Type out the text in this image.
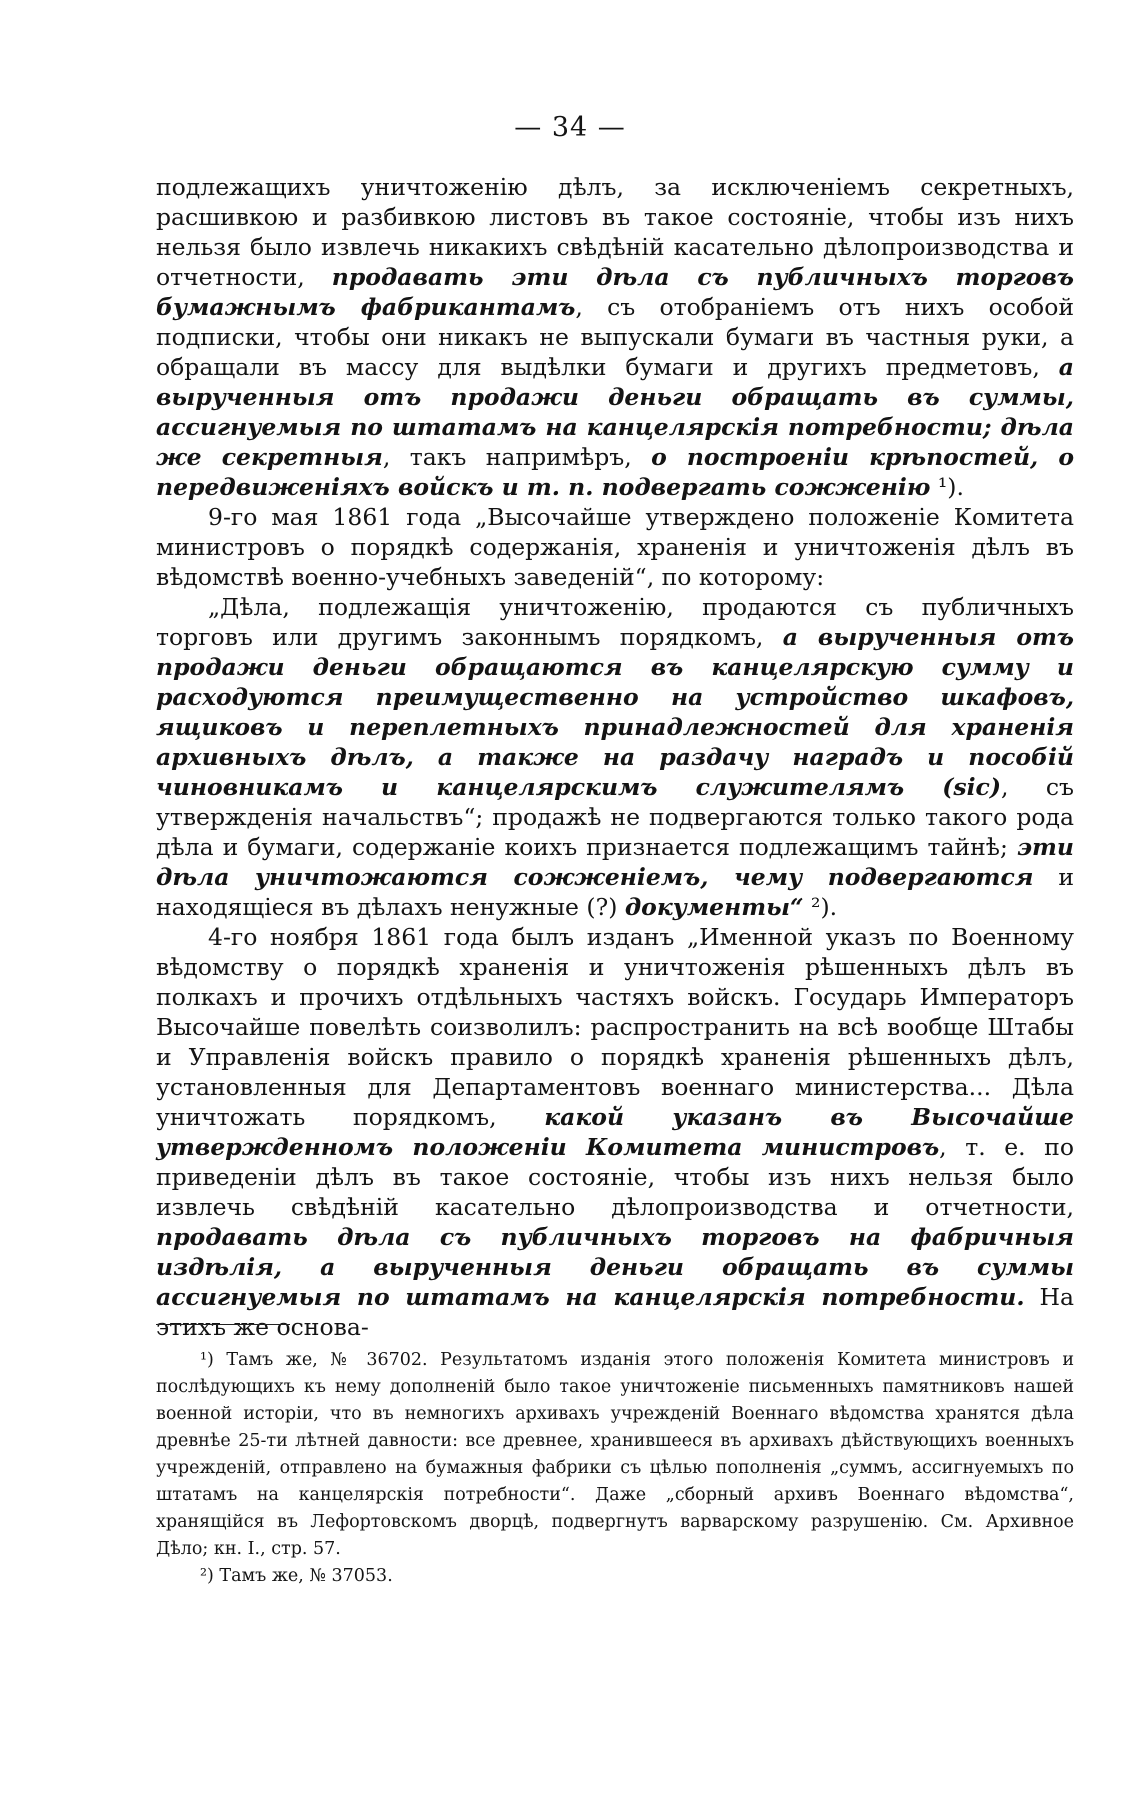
— 34 —

подлежащихъ уничтоженію дѣлъ, за исключеніемъ секретныхъ, расшивкою и разбивкою листовъ въ такое состояніе, чтобы изъ нихъ нельзя было извлечь никакихъ свѣдѣній касательно дѣлопроизводства и отчетности, продавать эти дѣла съ публичныхъ торговъ бумажнымъ фабрикантамъ, съ отобраніемъ отъ нихъ особой подписки, чтобы они никакъ не выпускали бумаги въ частныя руки, а обращали въ массу для выдѣлки бумаги и другихъ предметовъ, а вырученныя отъ продажи деньги обращать въ суммы, ассигнуемыя по штатамъ на канцелярскія потребности; дѣла же секретныя, такъ напримѣръ, о построеніи крѣпостей, о передвиженіяхъ войскъ и т. п. подвергать сожженію ¹).

9-го мая 1861 года „Высочайше утверждено положеніе Комитета министровъ о порядкѣ содержанія, храненія и уничтоженія дѣлъ въ вѣдомствѣ военно-учебныхъ заведеній“, по которому:

„Дѣла, подлежащія уничтоженію, продаются съ публичныхъ торговъ или другимъ законнымъ порядкомъ, а вырученныя отъ продажи деньги обращаются въ канцелярскую сумму и расходуются преимущественно на устройство шкафовъ, ящиковъ и переплетныхъ принадлежностей для храненія архивныхъ дѣлъ, а также на раздачу наградъ и пособій чиновникамъ и канцелярскимъ служителямъ (sic), съ утвержденія начальствъ“; продажѣ не подвергаются только такого рода дѣла и бумаги, содержаніе коихъ признается подлежащимъ тайнѣ; эти дѣла уничтожаются сожженіемъ, чему подвергаются и находящіеся въ дѣлахъ ненужные (?) документы“ ²).

4-го ноября 1861 года былъ изданъ „Именной указъ по Военному вѣдомству о порядкѣ храненія и уничтоженія рѣшенныхъ дѣлъ въ полкахъ и прочихъ отдѣльныхъ частяхъ войскъ. Государь Императоръ Высочайше повелѣть соизволилъ: распространить на всѣ вообще Штабы и Управленія войскъ правило о порядкѣ храненія рѣшенныхъ дѣлъ, установленныя для Департаментовъ военнаго министерства... Дѣла уничтожать порядкомъ, какой указанъ въ Высочайше утвержденномъ положеніи Комитета министровъ, т. е. по приведеніи дѣлъ въ такое состояніе, чтобы изъ нихъ нельзя было извлечь свѣдѣній касательно дѣлопроизводства и отчетности, продавать дѣла съ публичныхъ торговъ на фабричныя издѣлія, а вырученныя деньги обращать въ суммы ассигнуемыя по штатамъ на канцелярскія потребности. На этихъ же основа-

¹) Тамъ же, № 36702. Результатомъ изданія этого положенія Комитета министровъ и послѣдующихъ къ нему дополненій было такое уничтоженіе письменныхъ памятниковъ нашей военной исторіи, что въ немногихъ архивахъ учрежденій Военнаго вѣдомства хранятся дѣла древнѣе 25-ти лѣтней давности: все древнее, хранившееся въ архивахъ дѣйствующихъ военныхъ учрежденій, отправлено на бумажныя фабрики съ цѣлью пополненія „суммъ, ассигнуемыхъ по штатамъ на канцелярскія потребности“. Даже „сборный архивъ Военнаго вѣдомства“, хранящійся въ Лефортовскомъ дворцѣ, подвергнутъ варварскому разрушенію. См. Архивное Дѣло; кн. I., стр. 57.

²) Тамъ же, № 37053.
